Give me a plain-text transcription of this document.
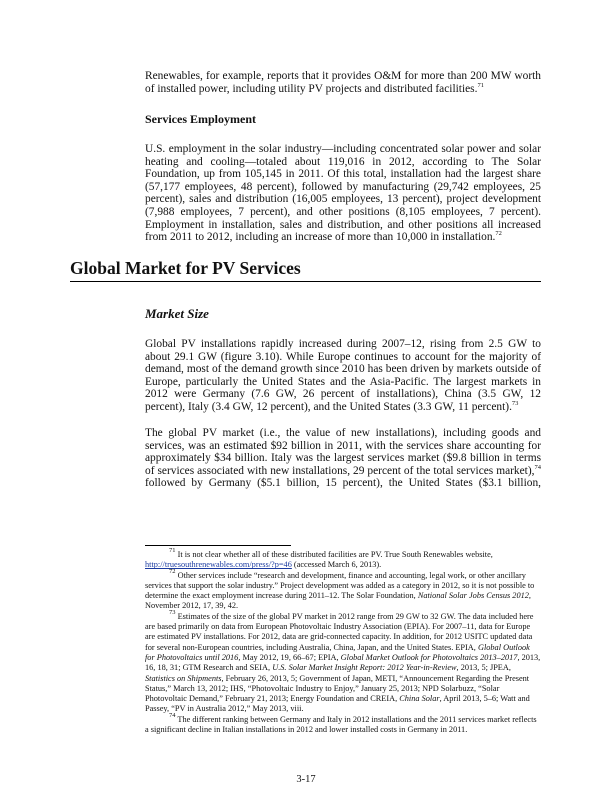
Renewables, for example, reports that it provides O&M for more than 200 MW worth of installed power, including utility PV projects and distributed facilities.$^{71}$
Services Employment
U.S. employment in the solar industry—including concentrated solar power and solar heating and cooling—totaled about 119,016 in 2012, according to The Solar Foundation, up from 105,145 in 2011. Of this total, installation had the largest share (57,177 employees, 48 percent), followed by manufacturing (29,742 employees, 25 percent), sales and distribution (16,005 employees, 13 percent), project development (7,988 employees, 7 percent), and other positions (8,105 employees, 7 percent). Employment in installation, sales and distribution, and other positions all increased from 2011 to 2012, including an increase of more than 10,000 in installation.$^{72}$
Global Market for PV Services
Market Size
Global PV installations rapidly increased during 2007–12, rising from 2.5 GW to about 29.1 GW (figure 3.10). While Europe continues to account for the majority of demand, most of the demand growth since 2010 has been driven by markets outside of Europe, particularly the United States and the Asia-Pacific. The largest markets in 2012 were Germany (7.6 GW, 26 percent of installations), China (3.5 GW, 12 percent), Italy (3.4 GW, 12 percent), and the United States (3.3 GW, 11 percent).$^{73}$
The global PV market (i.e., the value of new installations), including goods and services, was an estimated $92 billion in 2011, with the services share accounting for approximately $34 billion. Italy was the largest services market ($9.8 billion in terms of services associated with new installations, 29 percent of the total services market),$^{74}$ followed by Germany ($5.1 billion, 15 percent), the United States ($3.1 billion,

$^{71}$ It is not clear whether all of these distributed facilities are PV. True South Renewables website, http://truesouthrenewables.com/press/?p=46 (accessed March 6, 2013).

$^{72}$ Other services include “research and development, finance and accounting, legal work, or other ancillary services that support the solar industry.” Project development was added as a category in 2012, so it is not possible to determine the exact employment increase during 2011–12. The Solar Foundation, National Solar Jobs Census 2012, November 2012, 17, 39, 42.

$^{73}$ Estimates of the size of the global PV market in 2012 range from 29 GW to 32 GW. The data included here are based primarily on data from European Photovoltaic Industry Association (EPIA). For 2007–11, data for Europe are estimated PV installations. For 2012, data are grid-connected capacity. In addition, for 2012 USITC updated data for several non-European countries, including Australia, China, Japan, and the United States. EPIA, Global Outlook for Photovoltaics until 2016, May 2012, 19, 66–67; EPIA, Global Market Outlook for Photovoltaics 2013–2017, 2013, 16, 18, 31; GTM Research and SEIA, U.S. Solar Market Insight Report: 2012 Year-in-Review, 2013, 5; JPEA, Statistics on Shipments, February 26, 2013, 5; Government of Japan, METI, “Announcement Regarding the Present Status,” March 13, 2012; IHS, “Photovoltaic Industry to Enjoy,” January 25, 2013; NPD Solarbuzz, “Solar Photovoltaic Demand,” February 21, 2013; Energy Foundation and CREIA, China Solar, April 2013, 5–6; Watt and Passey, “PV in Australia 2012,” May 2013, viii.

$^{74}$ The different ranking between Germany and Italy in 2012 installations and the 2011 services market reflects a significant decline in Italian installations in 2012 and lower installed costs in Germany in 2011.

3-17
